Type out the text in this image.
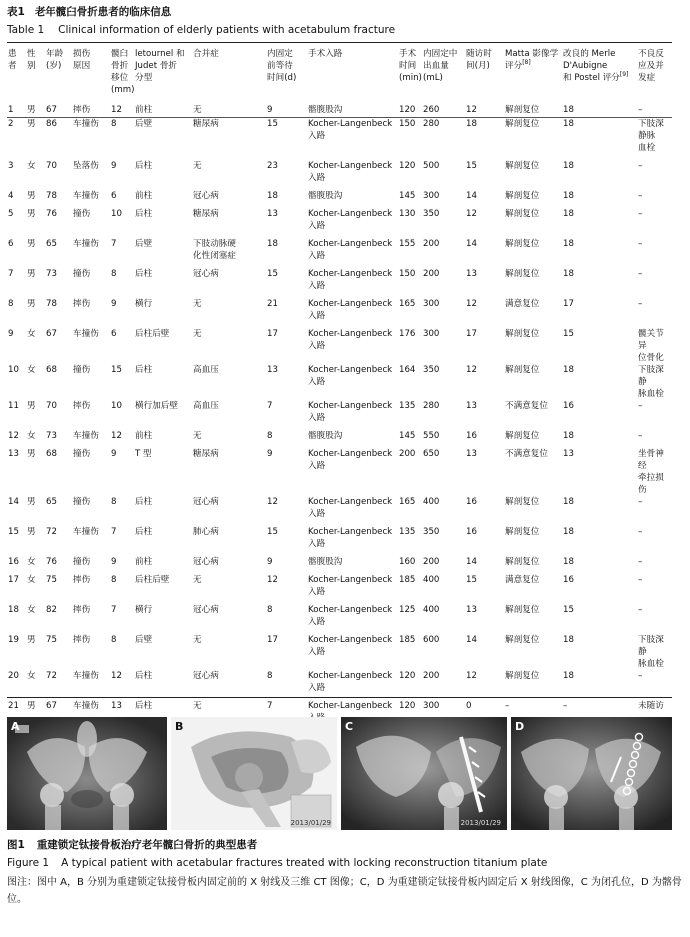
表1 老年髋臼骨折患者的临床信息
Table 1 Clinical information of elderly patients with acetabulum fracture
患
者	性
别	年龄
(岁)	损伤
原因	髋臼
骨折
移位
(mm)	letournel 和
Judet 骨折
分型	合并症	内固定
前等待
时间(d)	手术入路	手术
时间
(min)	内固定中
出血量
(mL)	随访时
间(月)	Matta 影像学
评分[8]	改良的 Merle
D'Aubigne
和 Postel 评分[9]	不良反
应及并
发症
1	男	67	摔伤	12	前柱	无	9	髂腹股沟	120	260	12	解剖复位	18	–
2	男	86	车撞伤	8	后壁	糖尿病	15	Kocher-Langenbeck
入路	150	280	18	解剖复位	18	下肢深
静脉
血栓
3	女	70	坠落伤	9	后柱	无	23	Kocher-Langenbeck
入路	120	500	15	解剖复位	18	–
4	男	78	车撞伤	6	前柱	冠心病	18	髂腹股沟	145	300	14	解剖复位	18	–
5	男	76	撞伤	10	后柱	糖尿病	13	Kocher-Langenbeck
入路	130	350	12	解剖复位	18	–
6	男	65	车撞伤	7	后壁	下肢动脉硬
化性闭塞症	18	Kocher-Langenbeck
入路	155	200	14	解剖复位	18	–
7	男	73	撞伤	8	后柱	冠心病	15	Kocher-Langenbeck
入路	150	200	13	解剖复位	18	–
8	男	78	摔伤	9	横行	无	21	Kocher-Langenbeck
入路	165	300	12	满意复位	17	–
9	女	67	车撞伤	6	后柱后壁	无	17	Kocher-Langenbeck
入路	176	300	17	解剖复位	15	髋关节异
位骨化
10	女	68	撞伤	15	后柱	高血压	13	Kocher-Langenbeck
入路	164	350	12	解剖复位	18	下肢深静
脉血栓
11	男	70	摔伤	10	横行加后壁	高血压	7	Kocher-Langenbeck
入路	135	280	13	不满意复位	16	–
12	女	73	车撞伤	12	前柱	无	8	髂腹股沟	145	550	16	解剖复位	18	–
13	男	68	撞伤	9	T 型	糖尿病	9	Kocher-Langenbeck
入路	200	650	13	不满意复位	13	坐骨神经
牵拉损伤
14	男	65	撞伤	8	后柱	冠心病	12	Kocher-Langenbeck
入路	165	400	16	解剖复位	18	–
15	男	72	车撞伤	7	后柱	肺心病	15	Kocher-Langenbeck
入路	135	350	16	解剖复位	18	–
16	女	76	撞伤	9	前柱	冠心病	9	髂腹股沟	160	200	14	解剖复位	18	–
17	女	75	摔伤	8	后柱后壁	无	12	Kocher-Langenbeck
入路	185	400	15	满意复位	16	–
18	女	82	摔伤	7	横行	冠心病	8	Kocher-Langenbeck
入路	125	400	13	解剖复位	15	–
19	男	75	摔伤	8	后壁	无	17	Kocher-Langenbeck
入路	185	600	14	解剖复位	18	下肢深静
脉血栓
20	女	72	车撞伤	12	后柱	冠心病	8	Kocher-Langenbeck
入路	120	200	12	解剖复位	18	–
21	男	67	车撞伤	13	后柱	无	7	Kocher-Langenbeck	120	300	0	–	–	未随访
A	B
2013/01/29
C
2013/01/29
D
图1 重建锁定钛接骨板治疗老年髋臼骨折的典型患者
Figure 1 A typical patient with acetabular fractures treated with locking reconstruction titanium plate
图注：图中 A，B 分别为重建锁定钛接骨板内固定前的 X 射线及三维 CT 图像；C，D 为重建锁定钛接骨板内固定后 X 射线图像，C 为闭孔位，D 为髂骨位。
